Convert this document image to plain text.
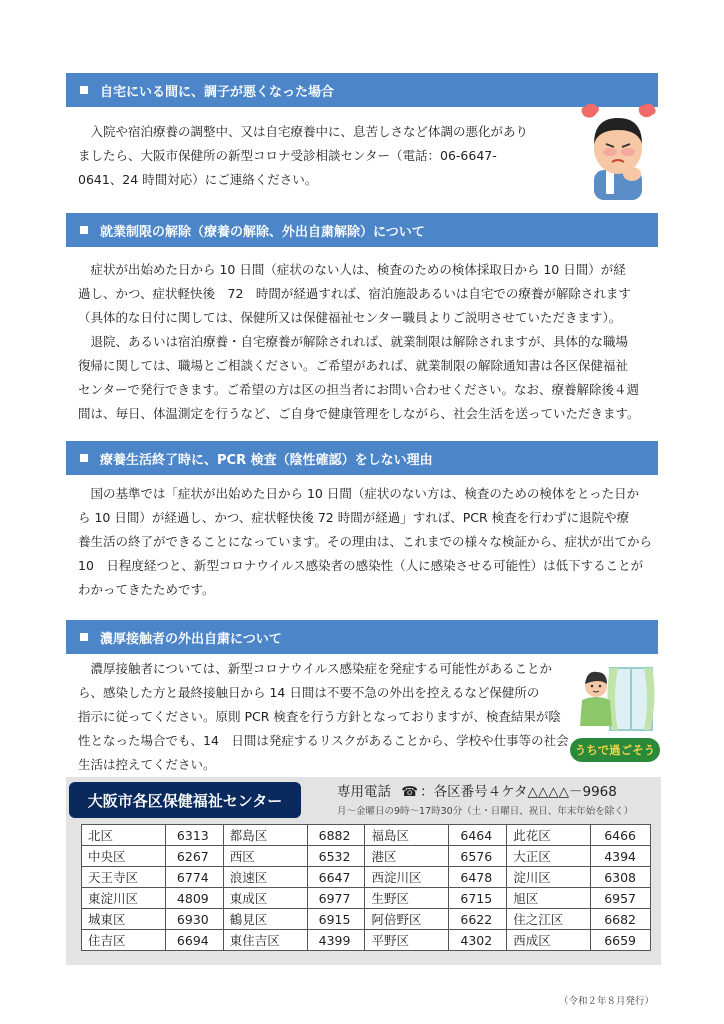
自宅にいる間に、調子が悪くなった場合

　入院や宿泊療養の調整中、又は自宅療養中に、息苦しさなど体調の悪化があり
ましたら、大阪市保健所の新型コロナ受診相談センター（電話：06-6647-
0641、24 時間対応）にご連絡ください。

就業制限の解除（療養の解除、外出自粛解除）について

　症状が出始めた日から 10 日間（症状のない人は、検査のための検体採取日から 10 日間）が経
過し、かつ、症状軽快後　72　時間が経過すれば、宿泊施設あるいは自宅での療養が解除されます
（具体的な日付に関しては、保健所又は保健福祉センター職員よりご説明させていただきます）。
　退院、あるいは宿泊療養・自宅療養が解除されれば、就業制限は解除されますが、具体的な職場
復帰に関しては、職場とご相談ください。ご希望があれば、就業制限の解除通知書は各区保健福祉
センターで発行できます。ご希望の方は区の担当者にお問い合わせください。なお、療養解除後４週
間は、毎日、体温測定を行うなど、ご自身で健康管理をしながら、社会生活を送っていただきます。

療養生活終了時に、PCR 検査（陰性確認）をしない理由

　国の基準では「症状が出始めた日から 10 日間（症状のない方は、検査のための検体をとった日か
ら 10 日間）が経過し、かつ、症状軽快後 72 時間が経過」すれば、PCR 検査を行わずに退院や療
養生活の終了ができることになっています。その理由は、これまでの様々な検証から、症状が出てから
10　日程度経つと、新型コロナウイルス感染者の感染性（人に感染させる可能性）は低下することが
わかってきたためです。

濃厚接触者の外出自粛について

　濃厚接触者については、新型コロナウイルス感染症を発症する可能性があることか
ら、感染した方と最終接触日から 14 日間は不要不急の外出を控えるなど保健所の
指示に従ってください。原則 PCR 検査を行う方針となっておりますが、検査結果が陰
性となった場合でも、14　日間は発症するリスクがあることから、学校や仕事等の社会
生活は控えてください。

うちで過ごそう
大阪市各区保健福祉センター	専用電話 ☎ ：各区番号４ケタ△△△△－9968
月～金曜日の9時～17時30分（土・日曜日、祝日、年末年始を除く）
北区	6313	都島区	6882	福島区	6464	此花区	6466
中央区	6267	西区	6532	港区	6576	大正区	4394
天王寺区	6774	浪速区	6647	西淀川区	6478	淀川区	6308
東淀川区	4809	東成区	6977	生野区	6715	旭区	6957
城東区	6930	鶴見区	6915	阿倍野区	6622	住之江区	6682
住吉区	6694	東住吉区	4399	平野区	4302	西成区	6659
（令和２年８月発行）
